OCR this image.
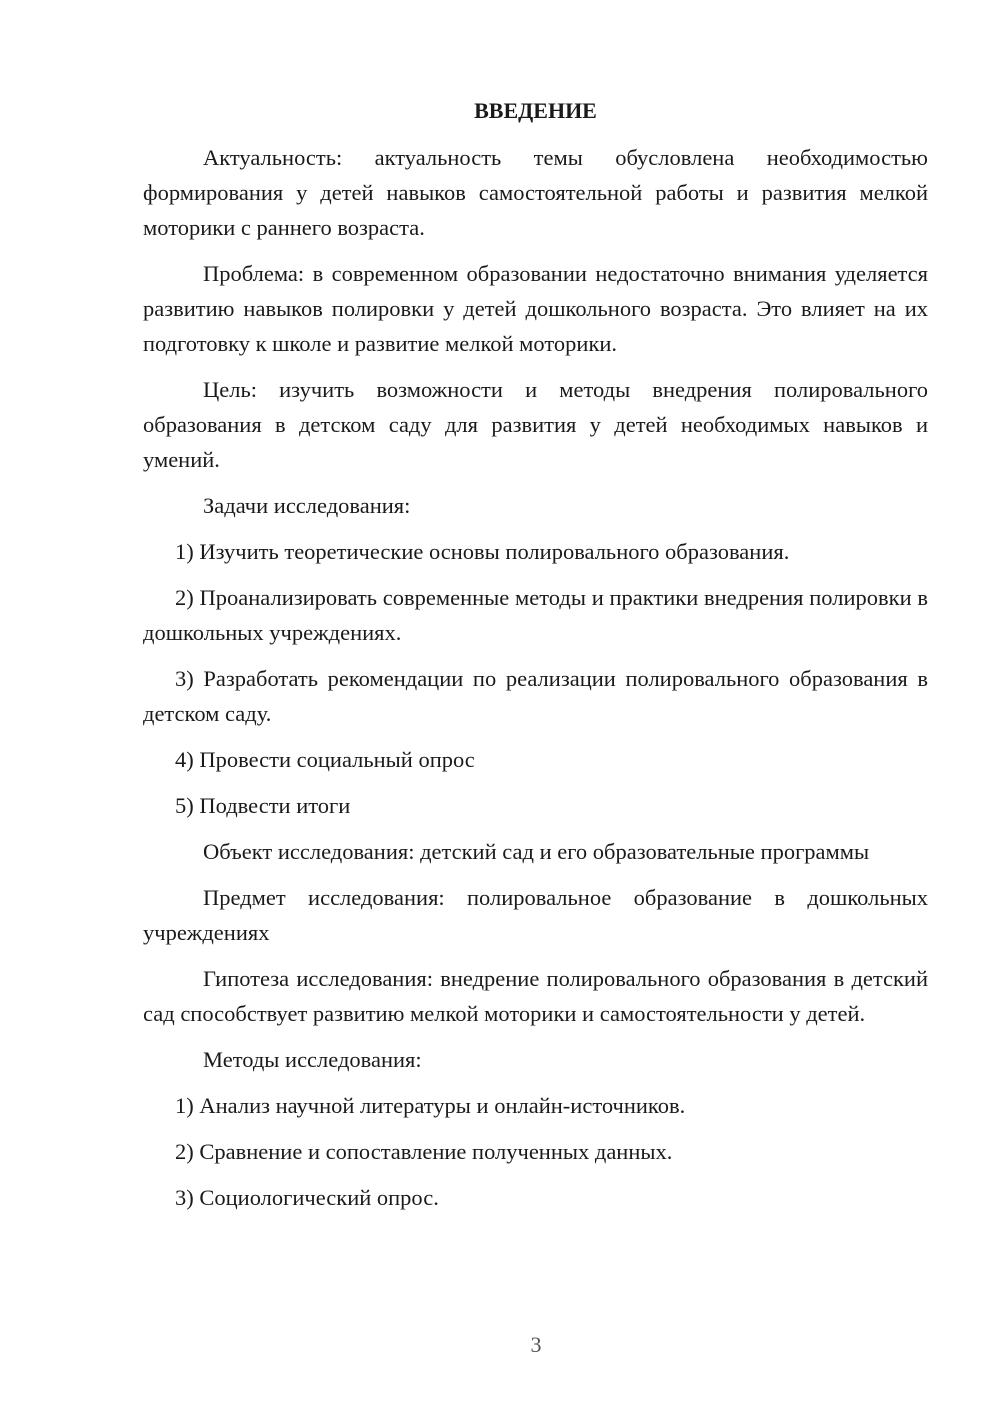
ВВЕДЕНИЕ

Актуальность: актуальность темы обусловлена необходимостью формирования у детей навыков самостоятельной работы и развития мелкой моторики с раннего возраста.

Проблема: в современном образовании недостаточно внимания уделяется развитию навыков полировки у детей дошкольного возраста. Это влияет на их подготовку к школе и развитие мелкой моторики.

Цель: изучить возможности и методы внедрения полировального образования в детском саду для развития у детей необходимых навыков и умений.

Задачи исследования:

1) Изучить теоретические основы полировального образования.

2) Проанализировать современные методы и практики внедрения полировки в дошкольных учреждениях.

3) Разработать рекомендации по реализации полировального образования в детском саду.

4) Провести социальный опрос

5) Подвести итоги

Объект исследования: детский сад и его образовательные программы

Предмет исследования: полировальное образование в дошкольных учреждениях

Гипотеза исследования: внедрение полировального образования в детский сад способствует развитию мелкой моторики и самостоятельности у детей.

Методы исследования:

1) Анализ научной литературы и онлайн-источников.

2) Сравнение и сопоставление полученных данных.

3) Социологический опрос.

3
